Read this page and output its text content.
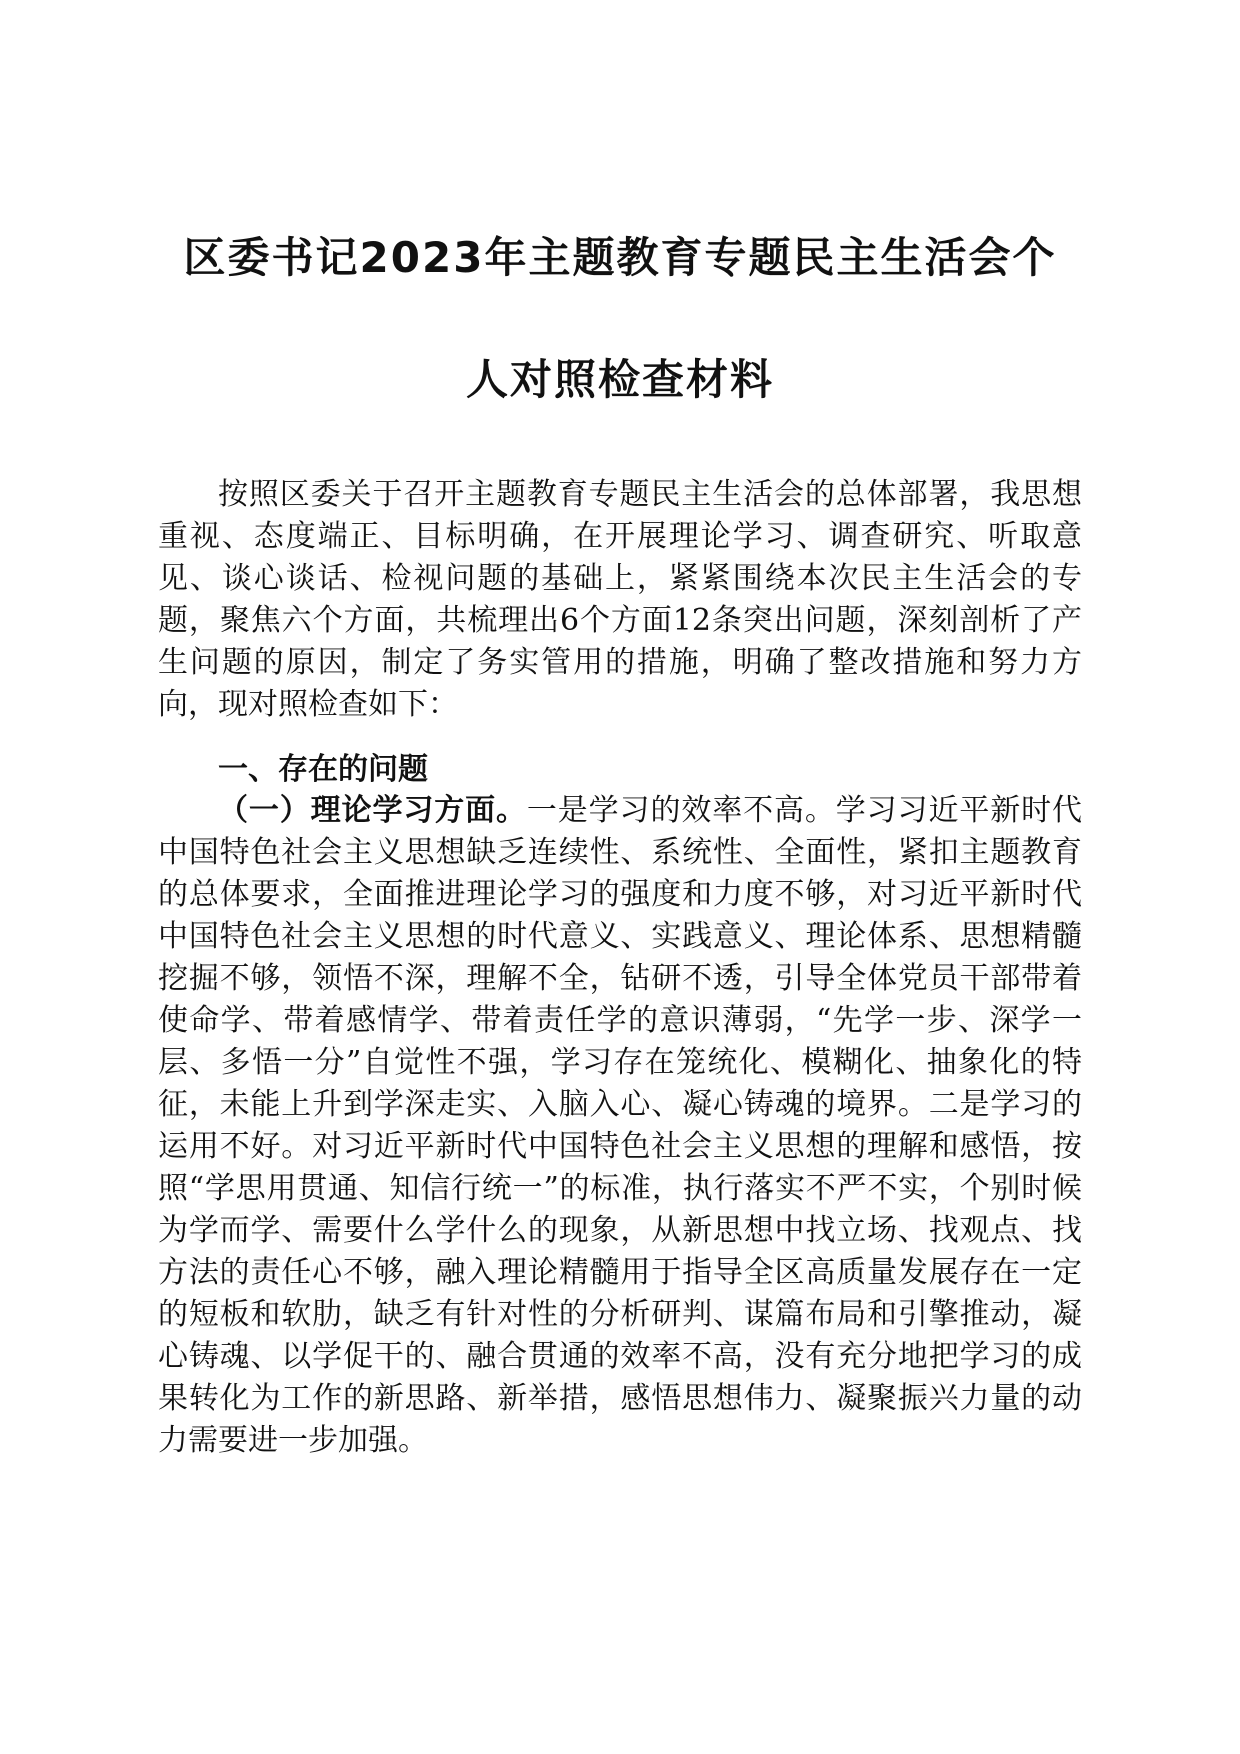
区委书记2023年主题教育专题民主生活会个
人对照检查材料

按照区委关于召开主题教育专题民主生活会的总体部署，我思想重视、态度端正、目标明确，在开展理论学习、调查研究、听取意见、谈心谈话、检视问题的基础上，紧紧围绕本次民主生活会的专题，聚焦六个方面，共梳理出6个方面12条突出问题，深刻剖析了产生问题的原因，制定了务实管用的措施，明确了整改措施和努力方向，现对照检查如下：

一、存在的问题

（一）理论学习方面。一是学习的效率不高。学习习近平新时代中国特色社会主义思想缺乏连续性、系统性、全面性，紧扣主题教育的总体要求，全面推进理论学习的强度和力度不够，对习近平新时代中国特色社会主义思想的时代意义、实践意义、理论体系、思想精髓挖掘不够，领悟不深，理解不全，钻研不透，引导全体党员干部带着使命学、带着感情学、带着责任学的意识薄弱，“先学一步、深学一层、多悟一分”自觉性不强，学习存在笼统化、模糊化、抽象化的特征，未能上升到学深走实、入脑入心、凝心铸魂的境界。二是学习的运用不好。对习近平新时代中国特色社会主义思想的理解和感悟，按照“学思用贯通、知信行统一”的标准，执行落实不严不实，个别时候为学而学、需要什么学什么的现象，从新思想中找立场、找观点、找方法的责任心不够，融入理论精髓用于指导全区高质量发展存在一定的短板和软肋，缺乏有针对性的分析研判、谋篇布局和引擎推动，凝心铸魂、以学促干的、融合贯通的效率不高，没有充分地把学习的成果转化为工作的新思路、新举措，感悟思想伟力、凝聚振兴力量的动力需要进一步加强。
